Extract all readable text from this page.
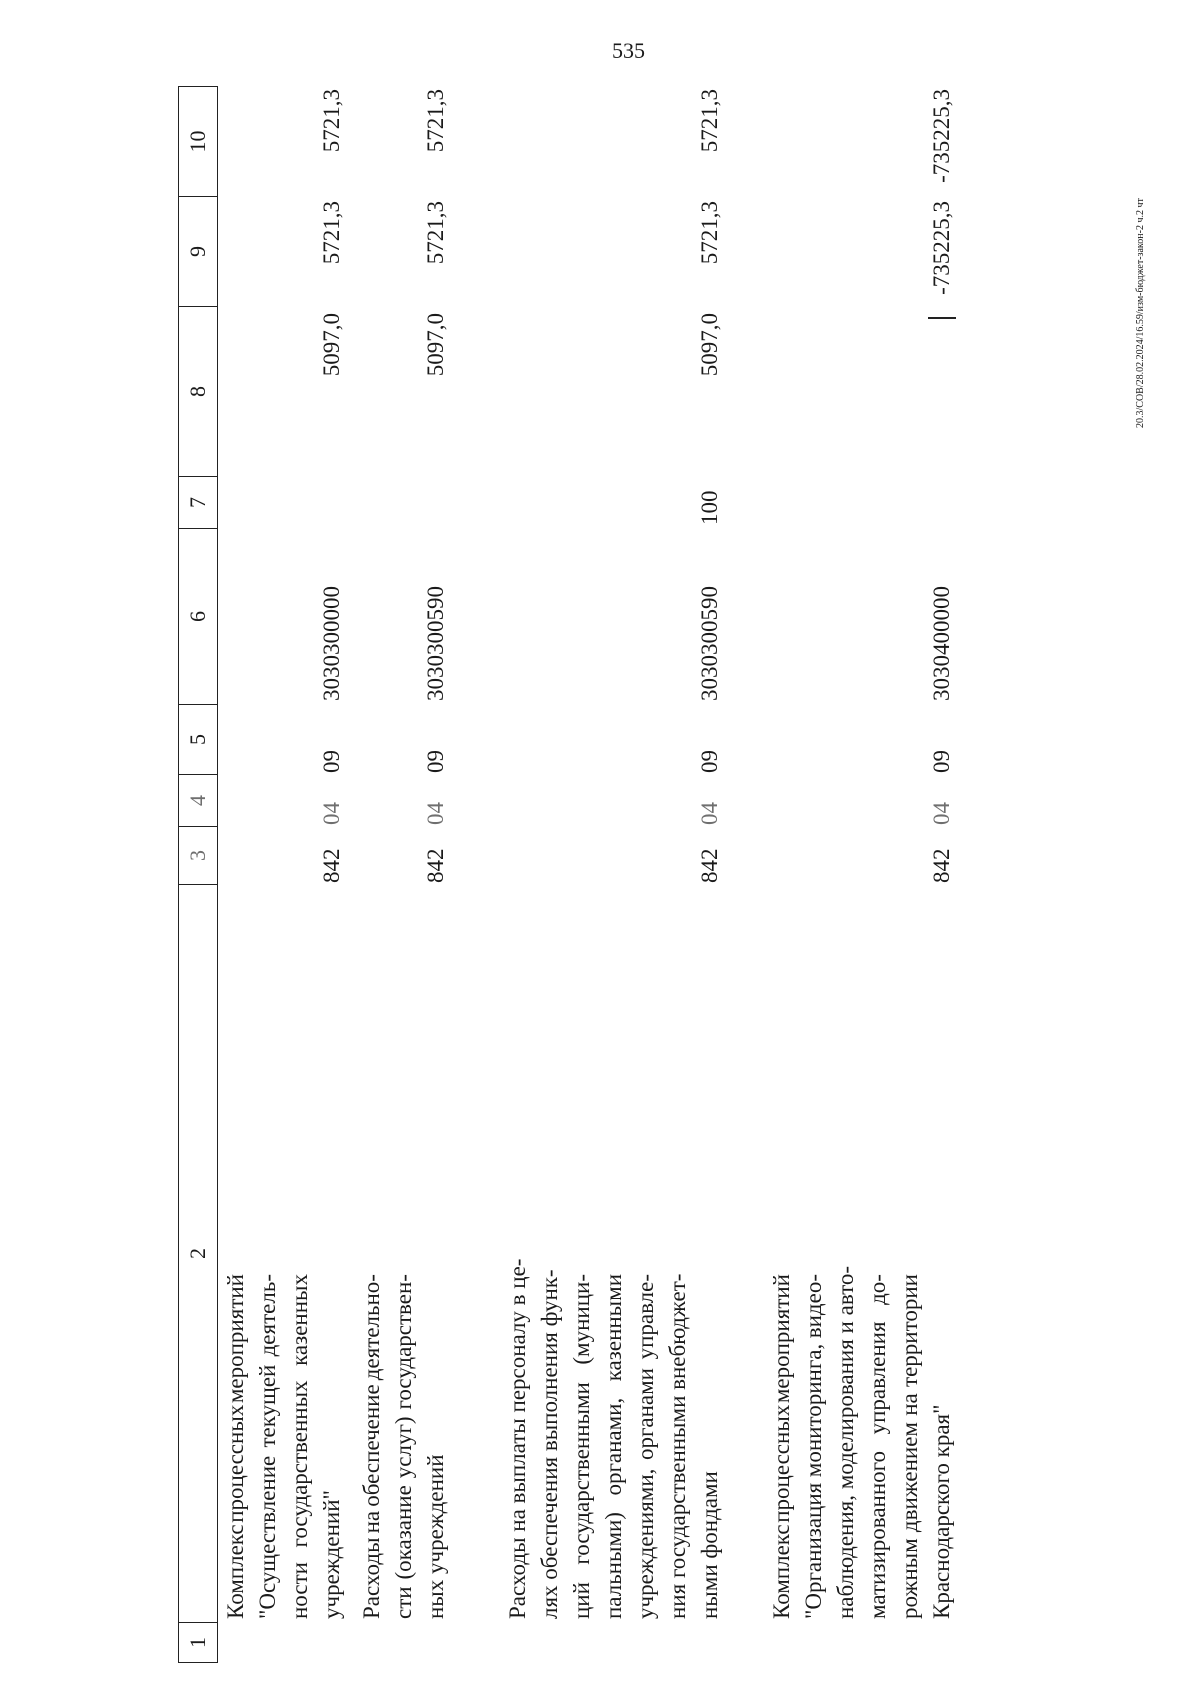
535
20.3/СОВ/28.02.2024/16.59/изм-бюджет-закон-2 ч.2 чт
1
2
3
4
5
6
7
8
9
10
Комплекс
процессных
мероприятий
"Осуществление
текущей
деятель-
ности
государственных
казенных
учреждений"
842
04
09
3030300000
5097,0
5721,3
5721,3
Расходы
на
обеспечение
деятельно-
сти
(оказание
услуг)
государствен-
ных учреждений
842
04
09
3030300590
5097,0
5721,3
5721,3
Расходы на выплаты персоналу в це- лях обеспечения выполнения функ- ций
государственными
(муници-
пальными)
органами,
казенными
учреждениями,
органами
управле- ния государственными внебюджет- ными фондами
842
04
09
3030300590
100
5097,0
5721,3
5721,3
Комплекс
процессных
мероприятий
"Организация
мониторинга,
видео- наблюдения, моделирования и авто- матизированного
управления
до-
рожным
движением
на
территории
Краснодарского края"
842
04
09
3030400000
-735225,3
-735225,3
